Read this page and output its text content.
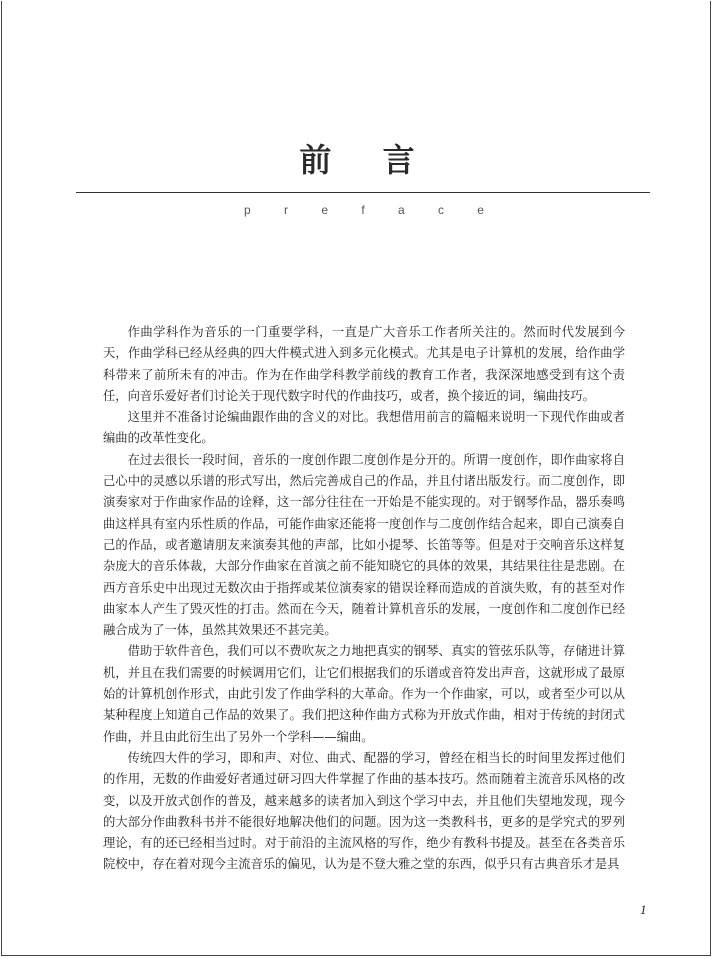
前 言
p	r	e	f	a	c	e

作曲学科作为音乐的一门重要学科，一直是广大音乐工作者所关注的。然而时代发展到今天，作曲学科已经从经典的四大件模式进入到多元化模式。尤其是电子计算机的发展，给作曲学科带来了前所未有的冲击。作为在作曲学科教学前线的教育工作者，我深深地感受到有这个责任，向音乐爱好者们讨论关于现代数字时代的作曲技巧，或者，换个接近的词，编曲技巧。

这里并不准备讨论编曲跟作曲的含义的对比。我想借用前言的篇幅来说明一下现代作曲或者编曲的改革性变化。

在过去很长一段时间，音乐的一度创作跟二度创作是分开的。所谓一度创作，即作曲家将自己心中的灵感以乐谱的形式写出，然后完善成自己的作品，并且付诸出版发行。而二度创作，即演奏家对于作曲家作品的诠释，这一部分往往在一开始是不能实现的。对于钢琴作品，器乐奏鸣曲这样具有室内乐性质的作品，可能作曲家还能将一度创作与二度创作结合起来，即自己演奏自己的作品，或者邀请朋友来演奏其他的声部，比如小提琴、长笛等等。但是对于交响音乐这样复杂庞大的音乐体裁，大部分作曲家在首演之前不能知晓它的具体的效果，其结果往往是悲剧。在西方音乐史中出现过无数次由于指挥或某位演奏家的错误诠释而造成的首演失败，有的甚至对作曲家本人产生了毁灭性的打击。然而在今天，随着计算机音乐的发展，一度创作和二度创作已经融合成为了一体，虽然其效果还不甚完美。

借助于软件音色，我们可以不费吹灰之力地把真实的钢琴、真实的管弦乐队等，存储进计算机，并且在我们需要的时候调用它们，让它们根据我们的乐谱或音符发出声音，这就形成了最原始的计算机创作形式，由此引发了作曲学科的大革命。作为一个作曲家，可以，或者至少可以从某种程度上知道自己作品的效果了。我们把这种作曲方式称为开放式作曲，相对于传统的封闭式作曲，并且由此衍生出了另外一个学科——编曲。

传统四大件的学习，即和声、对位、曲式、配器的学习，曾经在相当长的时间里发挥过他们的作用，无数的作曲爱好者通过研习四大件掌握了作曲的基本技巧。然而随着主流音乐风格的改变，以及开放式创作的普及，越来越多的读者加入到这个学习中去，并且他们失望地发现，现今的大部分作曲教科书并不能很好地解决他们的问题。因为这一类教科书，更多的是学究式的罗列理论，有的还已经相当过时。对于前沿的主流风格的写作，绝少有教科书提及。甚至在各类音乐院校中，存在着对现今主流音乐的偏见，认为是不登大雅之堂的东西，似乎只有古典音乐才是具

1
